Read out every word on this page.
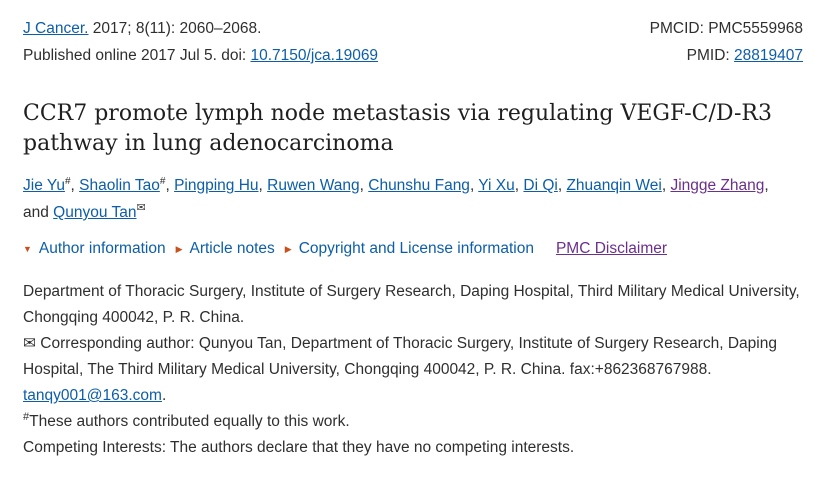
J Cancer. 2017; 8(11): 2060–2068.	PMCID: PMC5559968
Published online 2017 Jul 5. doi: 10.7150/jca.19069	PMID: 28819407
CCR7 promote lymph node metastasis via regulating VEGF-C/D-R3 pathway in lung adenocarcinoma
Jie Yu#, Shaolin Tao#, Pingping Hu, Ruwen Wang, Chunshu Fang, Yi Xu, Di Qi, Zhuanqin Wei, Jingge Zhang,
and Qunyou Tan✉
▼ Author information ▶ Article notes ▶ Copyright and License information PMC Disclaimer

Department of Thoracic Surgery, Institute of Surgery Research, Daping Hospital, Third Military Medical University, Chongqing 400042, P. R. China.

✉ Corresponding author: Qunyou Tan, Department of Thoracic Surgery, Institute of Surgery Research, Daping Hospital, The Third Military Medical University, Chongqing 400042, P. R. China. fax:+862368767988.
tanqy001@163.com.

#These authors contributed equally to this work.

Competing Interests: The authors declare that they have no competing interests.
